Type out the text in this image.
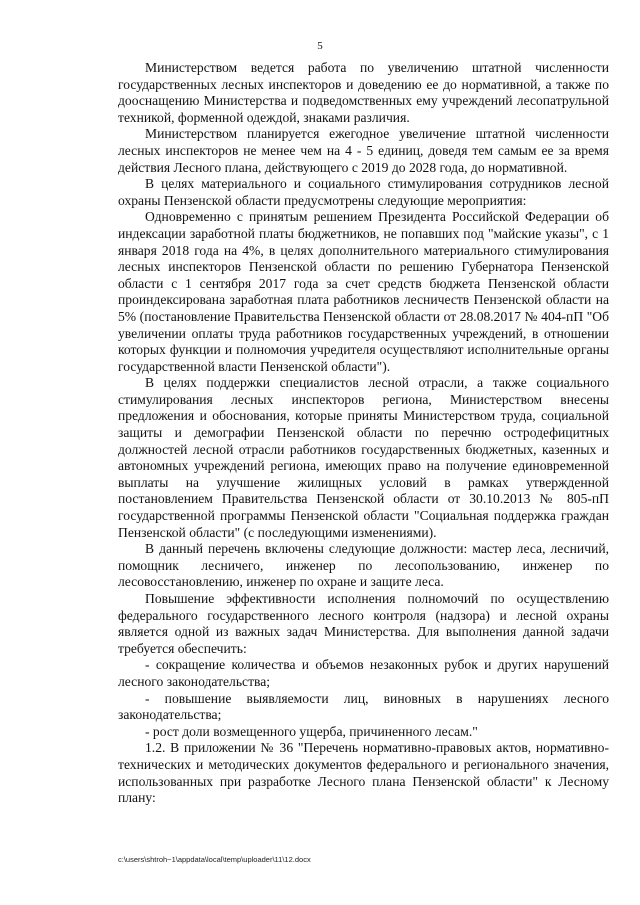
5

Министерством ведется работа по увеличению штатной численности государственных лесных инспекторов и доведению ее до нормативной, а также по дооснащению Министерства и подведомственных ему учреждений лесопатрульной техникой, форменной одеждой, знаками различия.

Министерством планируется ежегодное увеличение штатной численности лесных инспекторов не менее чем на 4 - 5 единиц, доведя тем самым ее за время действия Лесного плана, действующего с 2019 до 2028 года, до нормативной.

В целях материального и социального стимулирования сотрудников лесной охраны Пензенской области предусмотрены следующие мероприятия:

Одновременно с принятым решением Президента Российской Федерации об индексации заработной платы бюджетников, не попавших под "майские указы", с 1 января 2018 года на 4%, в целях дополнительного материального стимулирования лесных инспекторов Пензенской области по решению Губернатора Пензенской области с 1 сентября 2017 года за счет средств бюджета Пензенской области проиндексирована заработная плата работников лесничеств Пензенской области на 5% (постановление Правительства Пензенской области от 28.08.2017 № 404-пП "Об увеличении оплаты труда работников государственных учреждений, в отношении которых функции и полномочия учредителя осуществляют исполнительные органы государственной власти Пензенской области").

В целях поддержки специалистов лесной отрасли, а также социального стимулирования лесных инспекторов региона, Министерством внесены предложения и обоснования, которые приняты Министерством труда, социальной защиты и демографии Пензенской области по перечню остродефицитных должностей лесной отрасли работников государственных бюджетных, казенных и автономных учреждений региона, имеющих право на получение единовременной выплаты на улучшение жилищных условий в рамках утвержденной постановлением Правительства Пензенской области от 30.10.2013 № 805-пП государственной программы Пензенской области "Социальная поддержка граждан Пензенской области" (с последующими изменениями).

В данный перечень включены следующие должности: мастер леса, лесничий, помощник лесничего, инженер по лесопользованию, инженер по лесовосстановлению, инженер по охране и защите леса.

Повышение эффективности исполнения полномочий по осуществлению федерального государственного лесного контроля (надзора) и лесной охраны является одной из важных задач Министерства. Для выполнения данной задачи требуется обеспечить:

- сокращение количества и объемов незаконных рубок и других нарушений лесного законодательства;

- повышение выявляемости лиц, виновных в нарушениях лесного законодательства;

- рост доли возмещенного ущерба, причиненного лесам."

1.2. В приложении № 36 "Перечень нормативно-правовых актов, нормативно-технических и методических документов федерального и регионального значения, использованных при разработке Лесного плана Пензенской области" к Лесному плану:

c:\users\shtroh~1\appdata\local\temp\uploader\11\12.docx
